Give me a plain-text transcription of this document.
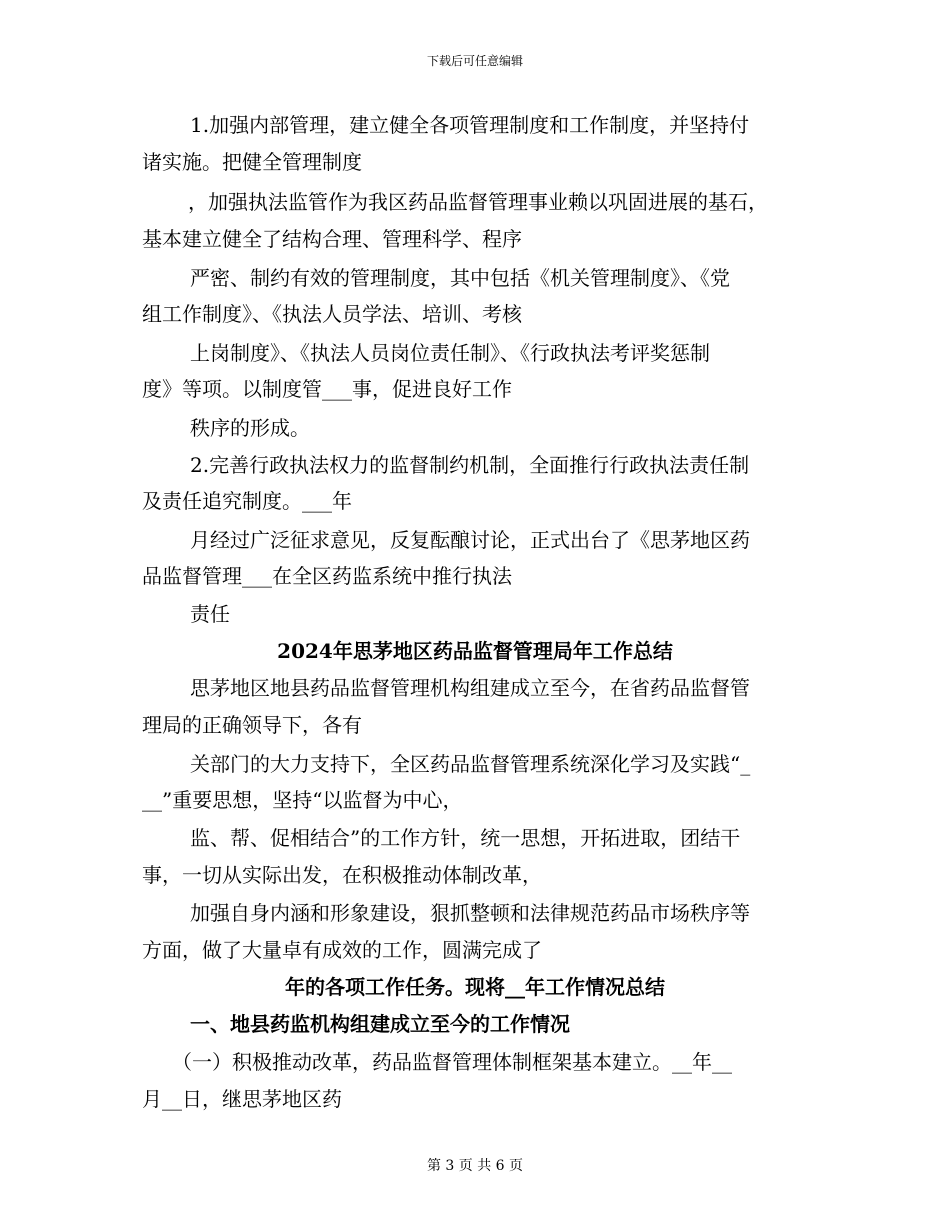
下载后可任意编辑
1.加强内部管理，建立健全各项管理制度和工作制度，并坚持付
诸实施。把健全管理制度
，加强执法监管作为我区药品监督管理事业赖以巩固进展的基石，
基本建立健全了结构合理、管理科学、程序
严密、制约有效的管理制度，其中包括《机关管理制度》、《党
组工作制度》、《执法人员学法、培训、考核
上岗制度》、《执法人员岗位责任制》、《行政执法考评奖惩制
度》等项。以制度管___事，促进良好工作
秩序的形成。
2.完善行政执法权力的监督制约机制，全面推行行政执法责任制
及责任追究制度。___年
月经过广泛征求意见，反复酝酿讨论，正式出台了《思茅地区药
品监督管理___在全区药监系统中推行执法
责任
2024年思茅地区药品监督管理局年工作总结
思茅地区地县药品监督管理机构组建成立至今，在省药品监督管
理局的正确领导下，各有
关部门的大力支持下，全区药品监督管理系统深化学习及实践“_
__”重要思想，坚持“以监督为中心，
监、帮、促相结合”的工作方针，统一思想，开拓进取，团结干
事，一切从实际出发，在积极推动体制改革，
加强自身内涵和形象建设，狠抓整顿和法律规范药品市场秩序等
方面，做了大量卓有成效的工作，圆满完成了
年的各项工作任务。现将__年工作情况总结
一、地县药监机构组建成立至今的工作情况
（一）积极推动改革，药品监督管理体制框架基本建立。__年__
月__日，继思茅地区药
第 3 页 共 6 页
